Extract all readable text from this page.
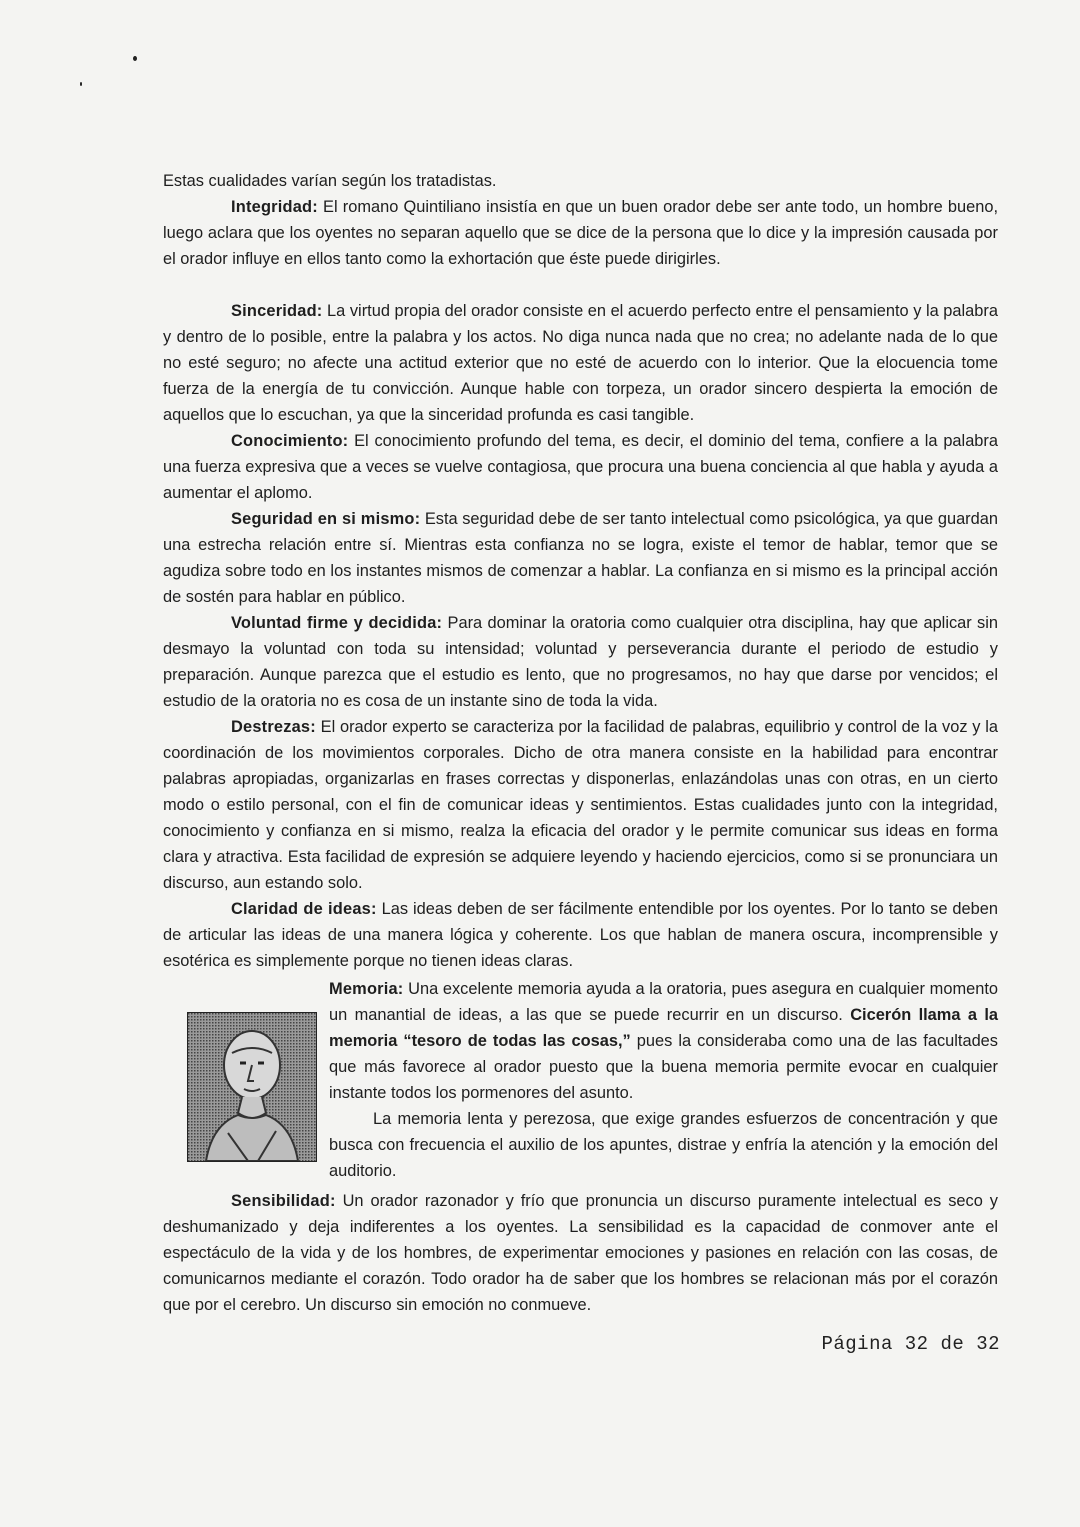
Estas cualidades varían según los tratadistas.

Integridad: El romano Quintiliano insistía en que un buen orador debe ser ante todo, un hombre bueno, luego aclara que los oyentes no separan aquello que se dice de la persona que lo dice y la impresión causada por el orador influye en ellos tanto como la exhortación que éste puede dirigirles.

Sinceridad: La virtud propia del orador consiste en el acuerdo perfecto entre el pensamiento y la palabra y dentro de lo posible, entre la palabra y los actos. No diga nunca nada que no crea; no adelante nada de lo que no esté seguro; no afecte una actitud exterior que no esté de acuerdo con lo interior. Que la elocuencia tome fuerza de la energía de tu convicción. Aunque hable con torpeza, un orador sincero despierta la emoción de aquellos que lo escuchan, ya que la sinceridad profunda es casi tangible.

Conocimiento: El conocimiento profundo del tema, es decir, el dominio del tema, confiere a la palabra una fuerza expresiva que a veces se vuelve contagiosa, que procura una buena conciencia al que habla y ayuda a aumentar el aplomo.

Seguridad en si mismo: Esta seguridad debe de ser tanto intelectual como psicológica, ya que guardan una estrecha relación entre sí. Mientras esta confianza no se logra, existe el temor de hablar, temor que se agudiza sobre todo en los instantes mismos de comenzar a hablar. La confianza en si mismo es la principal acción de sostén para hablar en público.

Voluntad firme y decidida: Para dominar la oratoria como cualquier otra disciplina, hay que aplicar sin desmayo la voluntad con toda su intensidad; voluntad y perseverancia durante el periodo de estudio y preparación. Aunque parezca que el estudio es lento, que no progresamos, no hay que darse por vencidos; el estudio de la oratoria no es cosa de un instante sino de toda la vida.

Destrezas: El orador experto se caracteriza por la facilidad de palabras, equilibrio y control de la voz y la coordinación de los movimientos corporales. Dicho de otra manera consiste en la habilidad para encontrar palabras apropiadas, organizarlas en frases correctas y disponerlas, enlazándolas unas con otras, en un cierto modo o estilo personal, con el fin de comunicar ideas y sentimientos. Estas cualidades junto con la integridad, conocimiento y confianza en si mismo, realza la eficacia del orador y le permite comunicar sus ideas en forma clara y atractiva. Esta facilidad de expresión se adquiere leyendo y haciendo ejercicios, como si se pronunciara un discurso, aun estando solo.

Claridad de ideas: Las ideas deben de ser fácilmente entendible por los oyentes. Por lo tanto se deben de articular las ideas de una manera lógica y coherente. Los que hablan de manera oscura, incomprensible y esotérica es simplemente porque no tienen ideas claras.

Memoria: Una excelente memoria ayuda a la oratoria, pues asegura en cualquier momento un manantial de ideas, a las que se puede recurrir en un discurso. Cicerón llama a la memoria “tesoro de todas las cosas,” pues la consideraba como una de las facultades que más favorece al orador puesto que la buena memoria permite evocar en cualquier instante todos los pormenores del asunto.

La memoria lenta y perezosa, que exige grandes esfuerzos de concentración y que busca con frecuencia el auxilio de los apuntes, distrae y enfría la atención y la emoción del auditorio.

Sensibilidad: Un orador razonador y frío que pronuncia un discurso puramente intelectual es seco y deshumanizado y deja indiferentes a los oyentes. La sensibilidad es la capacidad de conmover ante el espectáculo de la vida y de los hombres, de experimentar emociones y pasiones en relación con las cosas, de comunicarnos mediante el corazón. Todo orador ha de saber que los hombres se relacionan más por el corazón que por el cerebro. Un discurso sin emoción no conmueve.

Página 32 de 32
